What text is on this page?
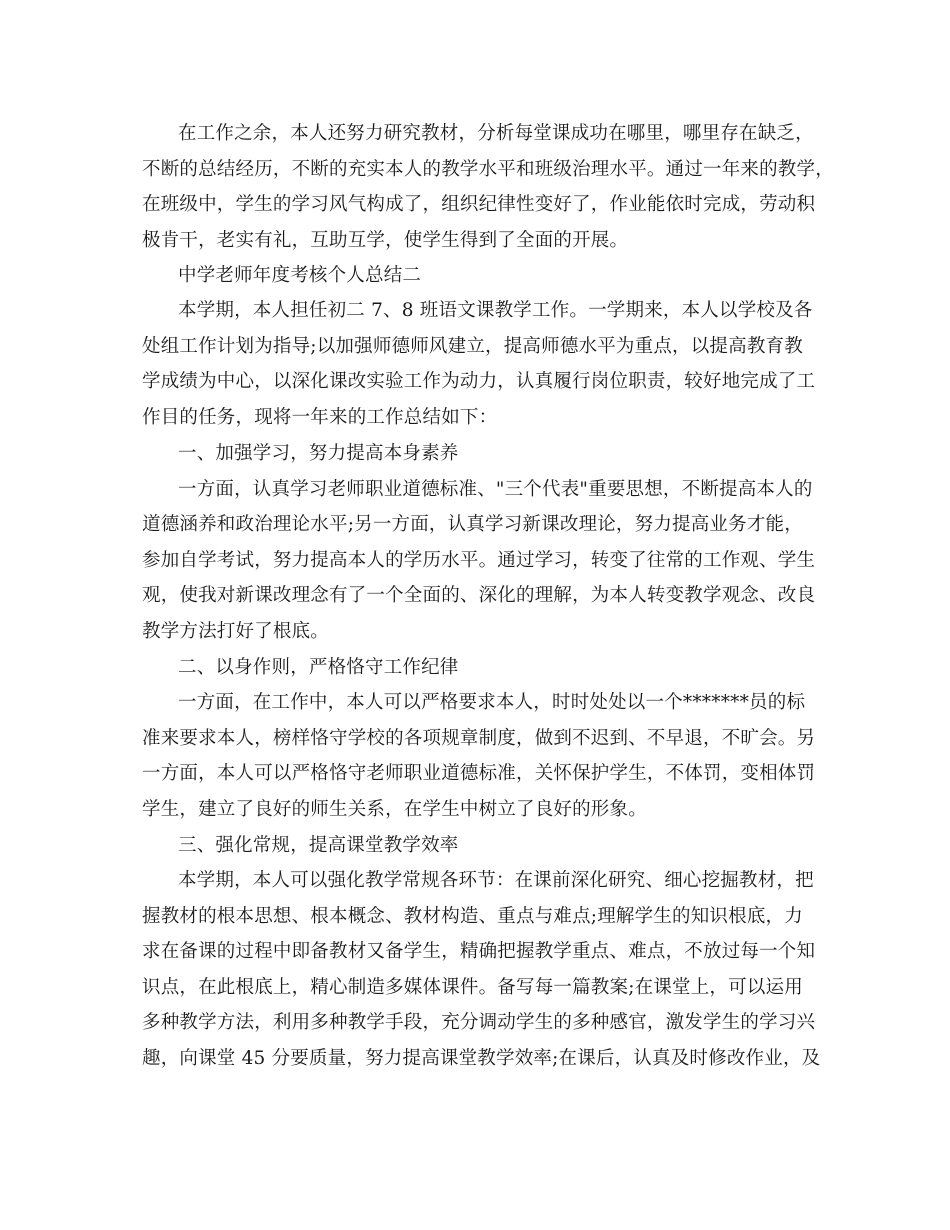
在工作之余，本人还努力研究教材，分析每堂课成功在哪里，哪里存在缺乏，
不断的总结经历，不断的充实本人的教学水平和班级治理水平。通过一年来的教学，
在班级中，学生的学习风气构成了，组织纪律性变好了，作业能依时完成，劳动积
极肯干，老实有礼，互助互学，使学生得到了全面的开展。
中学老师年度考核个人总结二
本学期，本人担任初二 7、8 班语文课教学工作。一学期来，本人以学校及各
处组工作计划为指导;以加强师德师风建立，提高师德水平为重点，以提高教育教
学成绩为中心，以深化课改实验工作为动力，认真履行岗位职责，较好地完成了工
作目的任务，现将一年来的工作总结如下：
一、加强学习，努力提高本身素养
一方面，认真学习老师职业道德标准、"三个代表"重要思想，不断提高本人的
道德涵养和政治理论水平;另一方面，认真学习新课改理论，努力提高业务才能，
参加自学考试，努力提高本人的学历水平。通过学习，转变了往常的工作观、学生
观，使我对新课改理念有了一个全面的、深化的理解，为本人转变教学观念、改良
教学方法打好了根底。
二、以身作则，严格恪守工作纪律
一方面，在工作中，本人可以严格要求本人，时时处处以一个*******员的标
准来要求本人，榜样恪守学校的各项规章制度，做到不迟到、不早退，不旷会。另
一方面，本人可以严格恪守老师职业道德标准，关怀保护学生，不体罚，变相体罚
学生，建立了良好的师生关系，在学生中树立了良好的形象。
三、强化常规，提高课堂教学效率
本学期，本人可以强化教学常规各环节：在课前深化研究、细心挖掘教材，把
握教材的根本思想、根本概念、教材构造、重点与难点;理解学生的知识根底，力
求在备课的过程中即备教材又备学生，精确把握教学重点、难点，不放过每一个知
识点，在此根底上，精心制造多媒体课件。备写每一篇教案;在课堂上，可以运用
多种教学方法，利用多种教学手段，充分调动学生的多种感官，激发学生的学习兴
趣，向课堂 45 分要质量，努力提高课堂教学效率;在课后，认真及时修改作业，及
